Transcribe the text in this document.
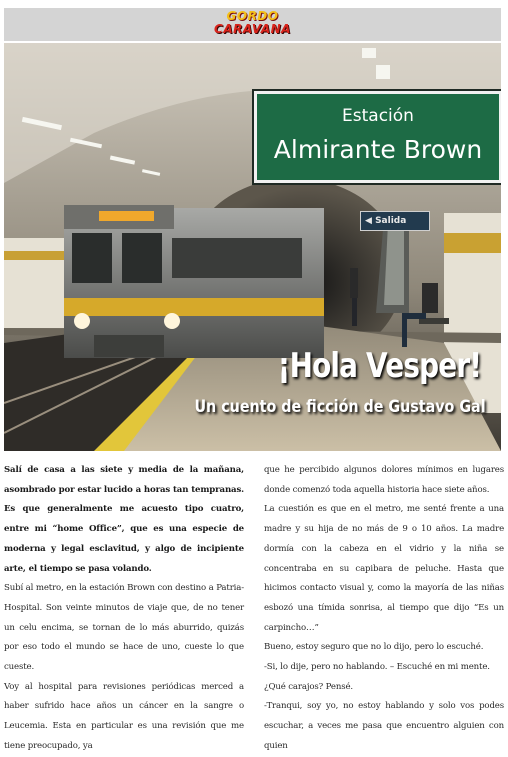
GORDO
CARAVANA
Estación
Almirante Brown
◀ Salida
¡Hola Vesper!
Un cuento de ficción de Gustavo Gal

Salí de casa a las siete y media de la mañana, asombrado por estar lucido a horas tan tempranas. Es que generalmente me acuesto tipo cuatro, entre mi “home Office”, que es una especie de moderna y legal esclavitud, y algo de incipiente arte, el tiempo se pasa volando.

Subí al metro, en la estación Brown con destino a Patria-Hospital. Son veinte minutos de viaje que, de no tener un celu encima, se tornan de lo más aburrido, quizás por eso todo el mundo se hace de uno, cueste lo que cueste.

Voy al hospital para revisiones periódicas merced a haber sufrido hace años un cáncer en la sangre o Leucemia. Esta en particular es una revisión que me tiene preocupado, ya

que he percibido algunos dolores mínimos en lugares donde comenzó toda aquella historia hace siete años.

La cuestión es que en el metro, me senté frente a una madre y su hija de no más de 9 o 10 años. La madre dormía con la cabeza en el vidrio y la niña se concentraba en su capibara de peluche. Hasta que hicimos contacto visual y, como la mayoría de las niñas esbozó una tímida sonrisa, al tiempo que dijo “Es un carpincho…”

Bueno, estoy seguro que no lo dijo, pero lo escuché.

-Si, lo dije, pero no hablando. – Escuché en mi mente.

¿Qué carajos? Pensé.

-Tranqui, soy yo, no estoy hablando y solo vos podes escuchar, a veces me pasa que encuentro alguien con quien
